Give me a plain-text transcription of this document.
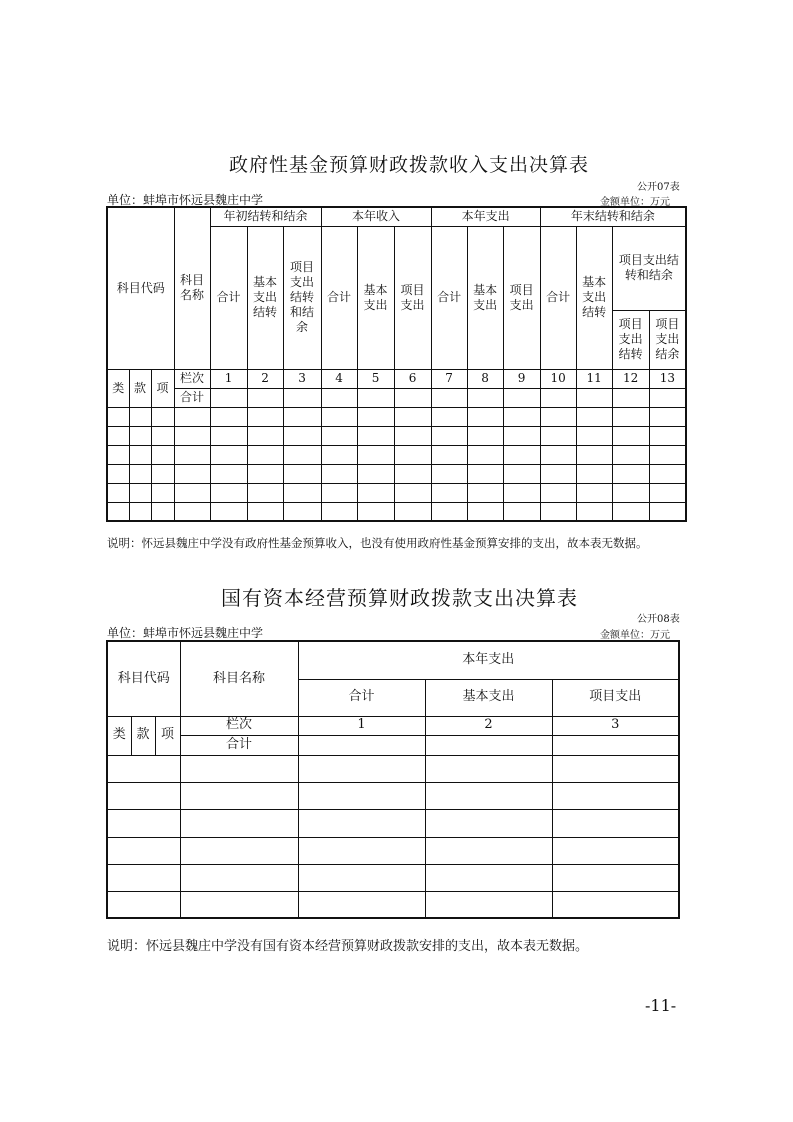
政府性基金预算财政拨款收入支出决算表
公开07表
单位：蚌埠市怀远县魏庄中学	金额单位：万元
科目代码			科目名称	年初结转和结余			本年收入			本年支出			年末结转和结余			
				合计	基本支出结转	项目支出结转和结余	合计	基本支出	项目支出	合计	基本支出	项目支出	合计	基本支出结转	项目支出结转和结余	

															项目支出结转	项目支出结余

类	款	项	栏次	1	2	3	4	5	6	7	8	9	10	11	12	13
			合计													

说明：怀远县魏庄中学没有政府性基金预算收入，也没有使用政府性基金预算安排的支出，故本表无数据。
国有资本经营预算财政拨款支出决算表
公开08表
单位：蚌埠市怀远县魏庄中学	金额单位：万元
科目代码			科目名称	本年支出		
				合计	基本支出	项目支出
类	款	项	栏次	1	2	3
			合计			

说明：怀远县魏庄中学没有国有资本经营预算财政拨款安排的支出，故本表无数据。
-11-
